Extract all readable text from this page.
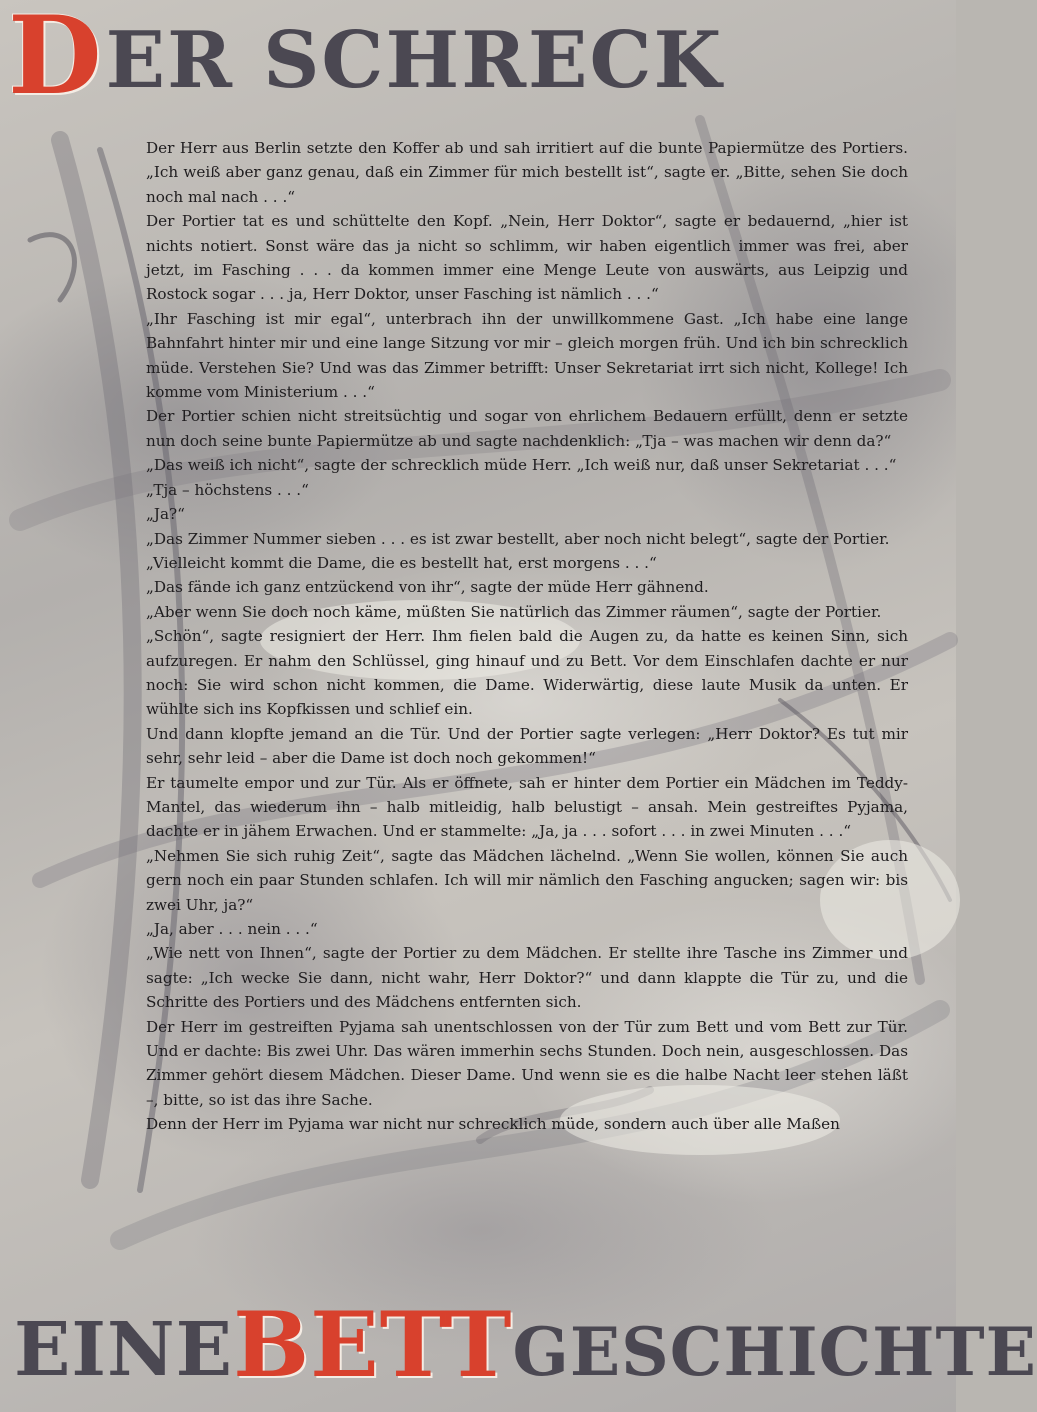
D ER SCHRECK

Der Herr aus Berlin setzte den Koffer ab und sah irritiert auf die bunte Papiermütze des Portiers. „Ich weiß aber ganz genau, daß ein Zimmer für mich bestellt ist“, sagte er. „Bitte, sehen Sie doch noch mal nach . . .“

Der Portier tat es und schüttelte den Kopf. „Nein, Herr Doktor“, sagte er bedauernd, „hier ist nichts notiert. Sonst wäre das ja nicht so schlimm, wir haben eigentlich immer was frei, aber jetzt, im Fasching . . . da kommen immer eine Menge Leute von auswärts, aus Leipzig und Rostock sogar . . . ja, Herr Doktor, unser Fasching ist nämlich . . .“

„Ihr Fasching ist mir egal“, unterbrach ihn der unwillkommene Gast. „Ich habe eine lange Bahnfahrt hinter mir und eine lange Sitzung vor mir – gleich morgen früh. Und ich bin schrecklich müde. Verstehen Sie? Und was das Zimmer betrifft: Unser Sekretariat irrt sich nicht, Kollege! Ich komme vom Ministerium . . .“

Der Portier schien nicht streitsüchtig und sogar von ehrlichem Bedauern erfüllt, denn er setzte nun doch seine bunte Papiermütze ab und sagte nachdenklich: „Tja – was machen wir denn da?“

„Das weiß ich nicht“, sagte der schrecklich müde Herr. „Ich weiß nur, daß unser Sekretariat . . .“

„Tja – höchstens . . .“

„Ja?“

„Das Zimmer Nummer sieben . . . es ist zwar bestellt, aber noch nicht belegt“, sagte der Portier.

„Vielleicht kommt die Dame, die es bestellt hat, erst morgens . . .“

„Das fände ich ganz entzückend von ihr“, sagte der müde Herr gähnend.

„Aber wenn Sie doch noch käme, müßten Sie natürlich das Zimmer räumen“, sagte der Portier.

„Schön“, sagte resigniert der Herr. Ihm fielen bald die Augen zu, da hatte es keinen Sinn, sich aufzuregen. Er nahm den Schlüssel, ging hinauf und zu Bett. Vor dem Einschlafen dachte er nur noch: Sie wird schon nicht kommen, die Dame. Widerwärtig, diese laute Musik da unten. Er wühlte sich ins Kopfkissen und schlief ein.

Und dann klopfte jemand an die Tür. Und der Portier sagte verlegen: „Herr Doktor? Es tut mir sehr, sehr leid – aber die Dame ist doch noch gekommen!“

Er taumelte empor und zur Tür. Als er öffnete, sah er hinter dem Portier ein Mädchen im Teddy-Mantel, das wiederum ihn – halb mitleidig, halb belustigt – ansah. Mein gestreiftes Pyjama, dachte er in jähem Erwachen. Und er stammelte: „Ja, ja . . . sofort . . . in zwei Minuten . . .“

„Nehmen Sie sich ruhig Zeit“, sagte das Mädchen lächelnd. „Wenn Sie wollen, können Sie auch gern noch ein paar Stunden schlafen. Ich will mir nämlich den Fasching angucken; sagen wir: bis zwei Uhr, ja?“

„Ja, aber . . . nein . . .“

„Wie nett von Ihnen“, sagte der Portier zu dem Mädchen. Er stellte ihre Tasche ins Zimmer und sagte: „Ich wecke Sie dann, nicht wahr, Herr Doktor?“ und dann klappte die Tür zu, und die Schritte des Portiers und des Mädchens entfernten sich.

Der Herr im gestreiften Pyjama sah unentschlossen von der Tür zum Bett und vom Bett zur Tür. Und er dachte: Bis zwei Uhr. Das wären immerhin sechs Stunden. Doch nein, ausgeschlossen. Das Zimmer gehört diesem Mädchen. Dieser Dame. Und wenn sie es die halbe Nacht leer stehen läßt –, bitte, so ist das ihre Sache.

Denn der Herr im Pyjama war nicht nur schrecklich müde, sondern auch über alle Maßen

EINE BETT GESCHICHTE
